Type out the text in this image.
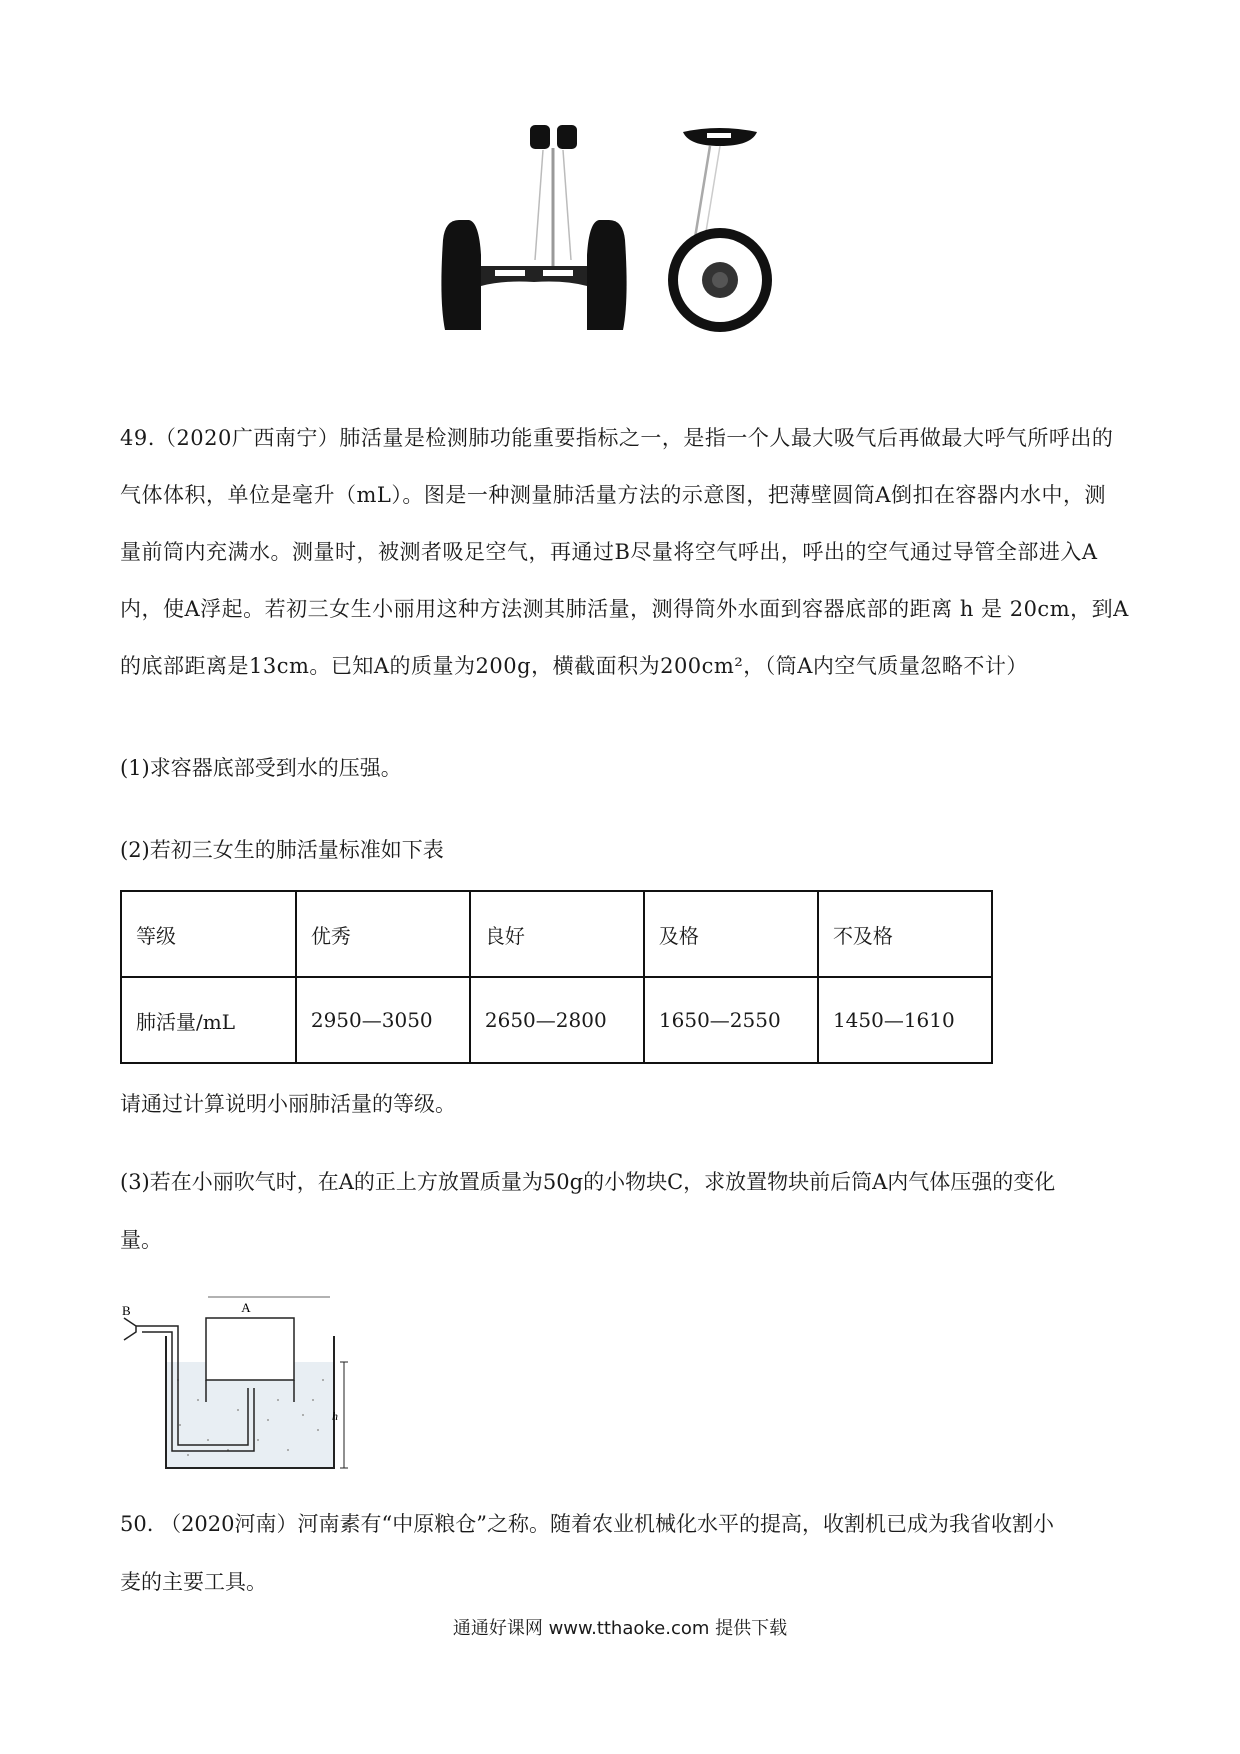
49.（2020广西南宁）肺活量是检测肺功能重要指标之一，是指一个人最大吸气后再做最大呼气所呼出的
气体体积，单位是毫升（mL）。图是一种测量肺活量方法的示意图，把薄壁圆筒A倒扣在容器内水中，测
量前筒内充满水。测量时，被测者吸足空气，再通过B尽量将空气呼出，呼出的空气通过导管全部进入A
内，使A浮起。若初三女生小丽用这种方法测其肺活量，测得筒外水面到容器底部的距离 h 是 20cm，到A
的底部距离是13cm。已知A的质量为200g，横截面积为200cm²，（筒A内空气质量忽略不计）
(1)求容器底部受到水的压强。
(2)若初三女生的肺活量标准如下表
等级	优秀	良好	及格	不及格
肺活量/mL	2950—3050	2650—2800	1650—2550	1450—1610
请通过计算说明小丽肺活量的等级。
(3)若在小丽吹气时，在A的正上方放置质量为50g的小物块C，求放置物块前后筒A内气体压强的变化
量。
A
B
h
50. （2020河南）河南素有“中原粮仓”之称。随着农业机械化水平的提高，收割机已成为我省收割小
麦的主要工具。
通通好课网 www.tthaoke.com 提供下载
